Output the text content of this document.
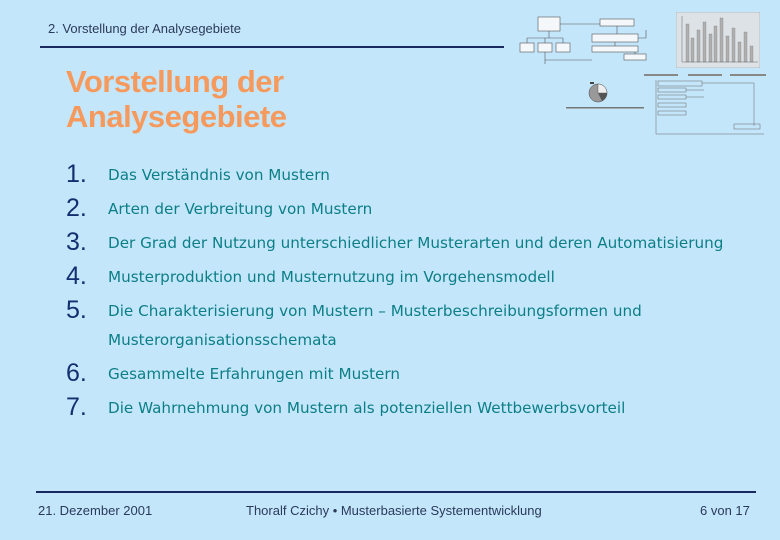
2. Vorstellung der Analysegebiete
Vorstellung der
Analysegebiete
1. Das Verständnis von Mustern
2. Arten der Verbreitung von Mustern
3. Der Grad der Nutzung unterschiedlicher Musterarten und deren Automatisierung
4. Musterproduktion und Musternutzung im Vorgehensmodell
5. Die Charakterisierung von Mustern – Musterbeschreibungsformen und Musterorganisationsschemata
6. Gesammelte Erfahrungen mit Mustern
7. Die Wahrnehmung von Mustern als potenziellen Wettbewerbsvorteil
21. Dezember 2001	Thoralf Czichy • Musterbasierte Systementwicklung	6 von 17
